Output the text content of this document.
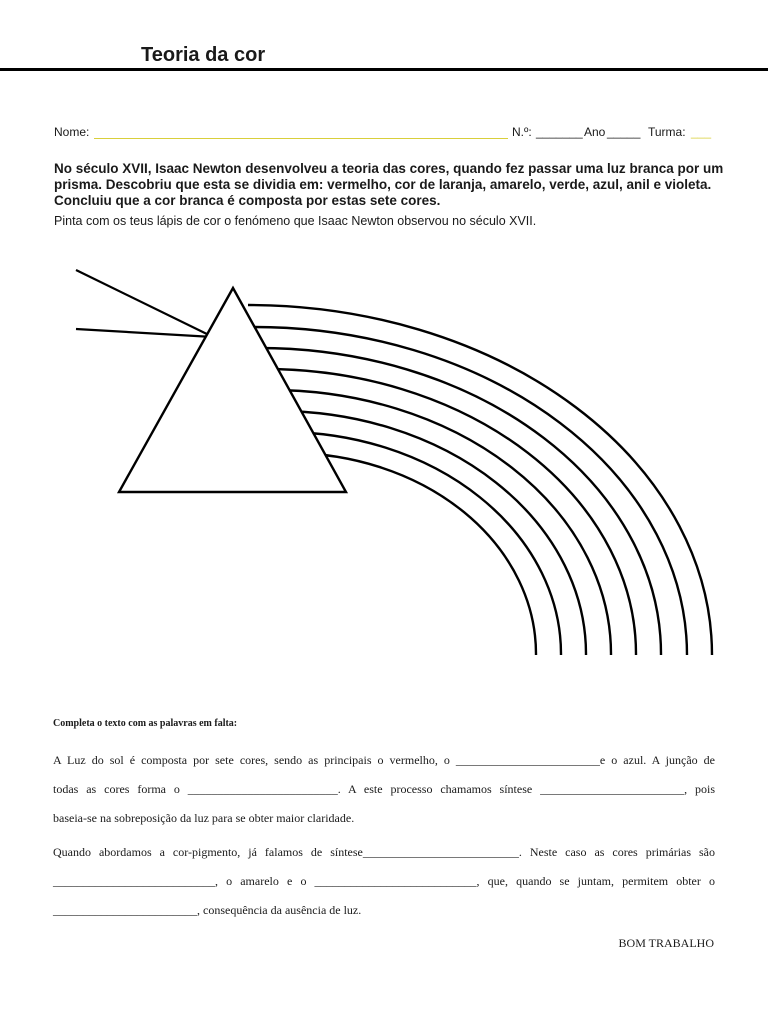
Teoria da cor
Nome:	N.º: _______ Ano _____ Turma: ___

No século XVII, Isaac Newton desenvolveu a teoria das cores, quando fez passar uma luz branca por um prisma. Descobriu que esta se dividia em: vermelho, cor de laranja, amarelo, verde, azul, anil e violeta. Concluiu que a cor branca é composta por estas sete cores.

Pinta com os teus lápis de cor o fenómeno que Isaac Newton observou no século XVII.

Completa o texto com as palavras em falta:

A Luz do sol é composta por sete cores, sendo as principais o vermelho, o ________________________e o azul. A junção de

todas as cores forma o _________________________. A este processo chamamos síntese ________________________, pois

baseia-se na sobreposição da luz para se obter maior claridade.

Quando abordamos a cor-pigmento, já falamos de síntese__________________________. Neste caso as cores primárias são

___________________________, o amarelo e o ___________________________, que, quando se juntam, permitem obter o

________________________, consequência da ausência de luz.

BOM TRABALHO
